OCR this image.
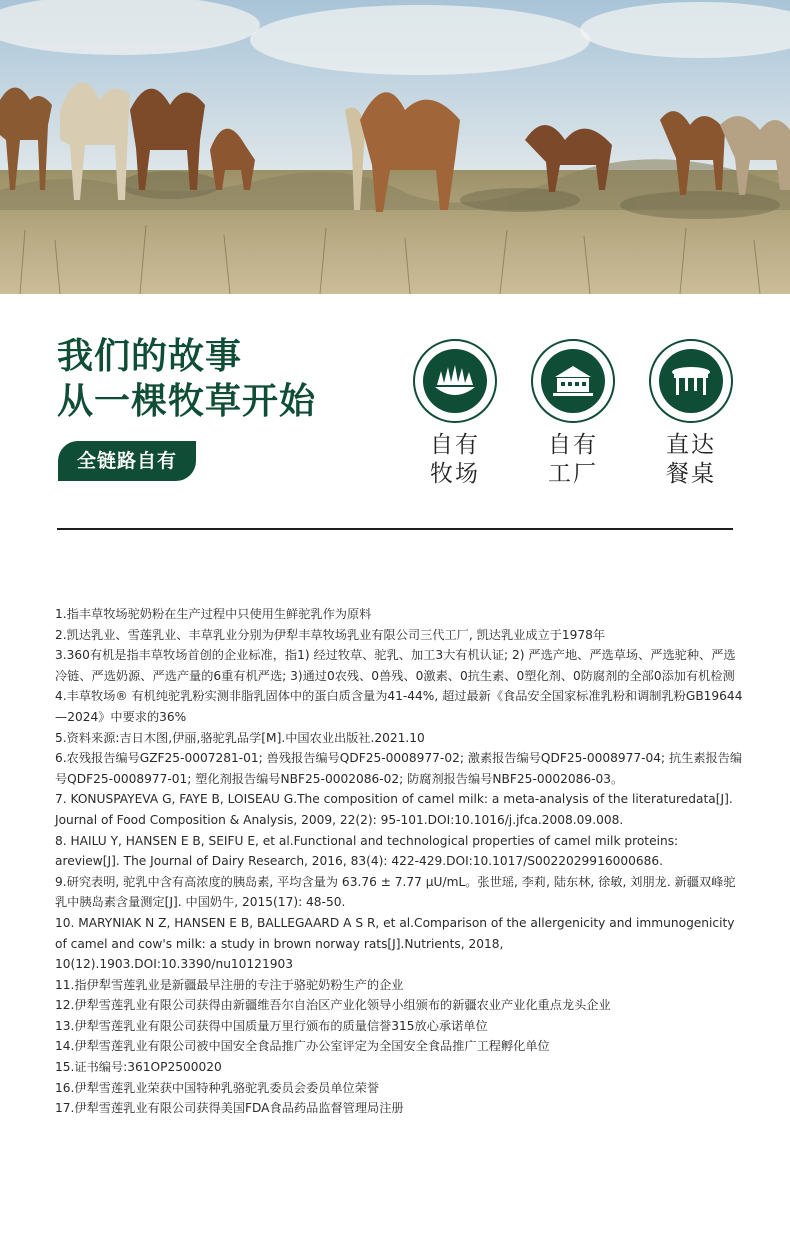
我们的故事
从一棵牧草开始
全链路自有
自有
牧场
自有
工厂
直达
餐桌

1.指丰草牧场驼奶粉在生产过程中只使用生鲜驼乳作为原料

2.凯达乳业、雪莲乳业、丰草乳业分别为伊犁丰草牧场乳业有限公司三代工厂, 凯达乳业成立于1978年

3.360有机是指丰草牧场首创的企业标准，指1) 经过牧草、驼乳、加工3大有机认证; 2) 严选产地、严选草场、严选驼种、严选冷链、严选奶源、严选产量的6重有机严选; 3)通过0农残、0兽残、0激素、0抗生素、0塑化剂、0防腐剂的全部0添加有机检测

4.丰草牧场® 有机纯驼乳粉实测非脂乳固体中的蛋白质含量为41-44%, 超过最新《食品安全国家标准乳粉和调制乳粉GB19644—2024》中要求的36%

5.资料来源:吉日木图,伊丽,骆驼乳品学[M].中国农业出版社.2021.10

6.农残报告编号GZF25-0007281-01; 兽残报告编号QDF25-0008977-02; 激素报告编号QDF25-0008977-04; 抗生素报告编号QDF25-0008977-01; 塑化剂报告编号NBF25-0002086-02; 防腐剂报告编号NBF25-0002086-03。

7. KONUSPAYEVA G, FAYE B, LOISEAU G.The composition of camel milk: a meta-analysis of the literaturedata[J]. Journal of Food Composition & Analysis, 2009, 22(2): 95-101.DOI:10.1016/j.jfca.2008.09.008.

8. HAILU Y, HANSEN E B, SEIFU E, et al.Functional and technological properties of camel milk proteins: areview[J]. The Journal of Dairy Research, 2016, 83(4): 422-429.DOI:10.1017/S0022029916000686.

9.研究表明, 驼乳中含有高浓度的胰岛素, 平均含量为 63.76 ± 7.77 μU/mL。张世瑶, 李莉, 陆东林, 徐敏, 刘朋龙. 新疆双峰驼乳中胰岛素含量测定[J]. 中国奶牛, 2015(17): 48-50.

10. MARYNIAK N Z, HANSEN E B, BALLEGAARD A S R, et al.Comparison of the allergenicity and immunogenicity of camel and cow's milk: a study in brown norway rats[J].Nutrients, 2018, 10(12).1903.DOI:10.3390/nu10121903

11.指伊犁雪莲乳业是新疆最早注册的专注于骆驼奶粉生产的企业

12.伊犁雪莲乳业有限公司获得由新疆维吾尔自治区产业化领导小组颁布的新疆农业产业化重点龙头企业

13.伊犁雪莲乳业有限公司获得中国质量万里行颁布的质量信誉315放心承诺单位

14.伊犁雪莲乳业有限公司被中国安全食品推广办公室评定为全国安全食品推广工程孵化单位

15.证书编号:361OP2500020

16.伊犁雪莲乳业荣获中国特种乳骆驼乳委员会委员单位荣誉

17.伊犁雪莲乳业有限公司获得美国FDA食品药品监督管理局注册
